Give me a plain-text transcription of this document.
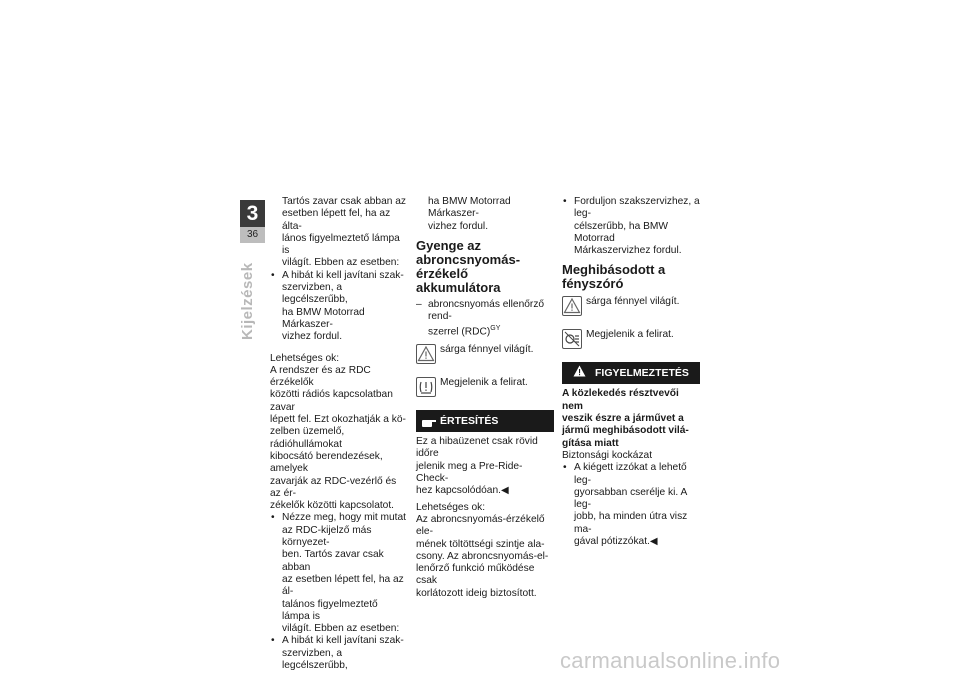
3
36
Kijelzések

Tartós zavar csak abban az

esetben lépett fel, ha az álta-

lános figyelmeztető lámpa is

világít. Ebben az esetben:

• A hibát ki kell javítani szak-

szervizben, a legcélszerűbb,

ha BMW Motorrad Márkaszer-

vizhez fordul.

Lehetséges ok:

A rendszer és az RDC érzékelők

közötti rádiós kapcsolatban zavar

lépett fel. Ezt okozhatják a kö-

zelben üzemelő, rádióhullámokat

kibocsátó berendezések, amelyek

zavarják az RDC-vezérlő és az ér-

zékelők közötti kapcsolatot.

• Nézze meg, hogy mit mutat

az RDC-kijelző más környezet-

ben. Tartós zavar csak abban

az esetben lépett fel, ha az ál-

talános figyelmeztető lámpa is

világít. Ebben az esetben:

• A hibát ki kell javítani szak-

szervizben, a legcélszerűbb,

ha BMW Motorrad Márkaszer-

vizhez fordul.

Gyenge az
abroncsnyomás-érzékelő
akkumulátora

– abroncsnyomás ellenőrző rend-

szerrel (RDC)$^{GY}$

sárga fénnyel világít.

Megjelenik a felirat.

ÉRTESÍTÉS

Ez a hibaüzenet csak rövid időre

jelenik meg a Pre-Ride-Check-

hez kapcsolódóan.◀

Lehetséges ok:

Az abroncsnyomás-érzékelő ele-

mének töltöttségi szintje ala-

csony. Az abroncsnyomás-el-

lenőrző funkció működése csak

korlátozott ideig biztosított.

• Forduljon szakszervizhez, a leg-

célszerűbb, ha BMW Motorrad

Márkaszervizhez fordul.

Meghibásodott a
fényszóró

sárga fénnyel világít.

Megjelenik a felirat.

FIGYELMEZTETÉS

A közlekedés résztvevői nem

veszik észre a járművet a

jármű meghibásodott vilá-

gítása miatt

Biztonsági kockázat

• A kiégett izzókat a lehető leg-

gyorsabban cserélje ki. A leg-

jobb, ha minden útra visz ma-

gával pótizzókat.◀

carmanualsonline.info
